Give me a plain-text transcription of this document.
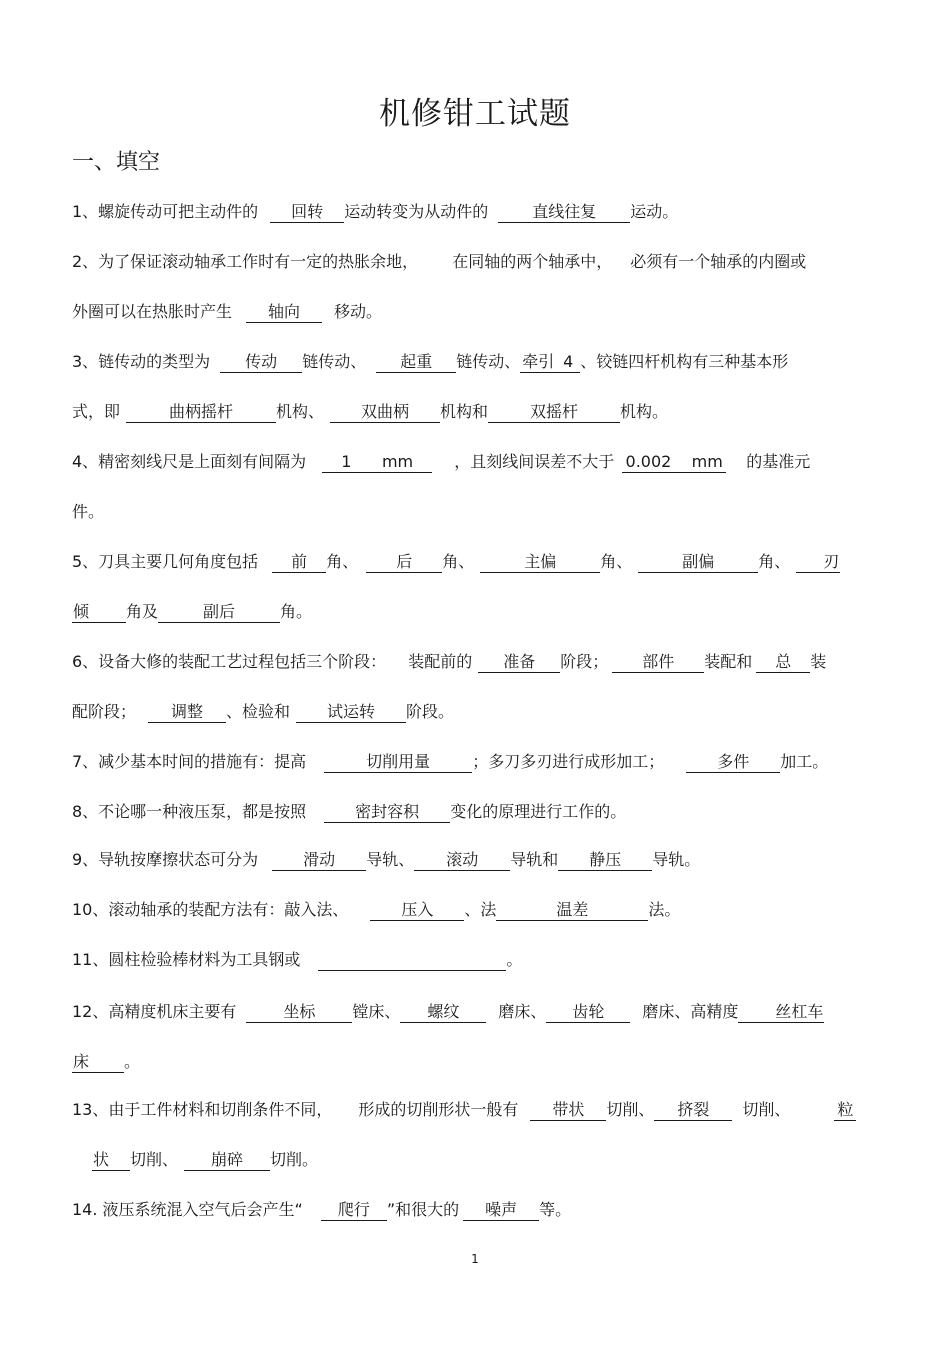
机修钳工试题
一、填空
1、螺旋传动可把主动件的 回转 运动转变为从动件的	直线往复 运动。
2、为了保证滚动轴承工作时有一定的热胀余地， 在同轴的两个轴承中， 必须有一个轴承的内圈或
外圈可以在热胀时产生 轴向 移动。
3、链传动的类型为 传动 链传动、 起重 链传动、 牵引 4 、铰链四杆机构有三种基本形
式，即	曲柄摇杆	机构、 双曲柄 机构和	双摇杆	机构。
4、精密刻线尺是上面刻有间隔为 1      mm	，且刻线间误差不大于 0.002    mm 的基准元
件。
5、刀具主要几何角度包括 前 角、 后 角、	主偏	角、	副偏	角、 刃
倾 角及	副后	角。
6、设备大修的装配工艺过程包括三个阶段： 装配前的 准备 阶段； 部件 装配和 总 装
配阶段； 调整 、检验和 试运转 阶段。
7、减少基本时间的措施有：提高	切削用量	；多刀多刃进行成形加工；	多件 加工。
8、不论哪一种液压泵，都是按照	密封容积 变化的原理进行工作的。
9、导轨按摩擦状态可分为	滑动 导轨、 滚动 导轨和 静压 导轨。
10、滚动轴承的装配方法有：敲入法、	压入 、法	温差	法。
11、圆柱检验棒材料为工具钢或	。
12、高精度机床主要有	坐标 镗床、 螺纹 磨床、 齿轮 磨床、高精度 丝杠车
床 。
13、由于工件材料和切削条件不同， 形成的切削形状一般有 带状 切削、 挤裂 切削、	粒
状 切削、 崩碎 切削。
14. 液压系统混入空气后会产生“ 爬行 ”和很大的 噪声 等。
1
